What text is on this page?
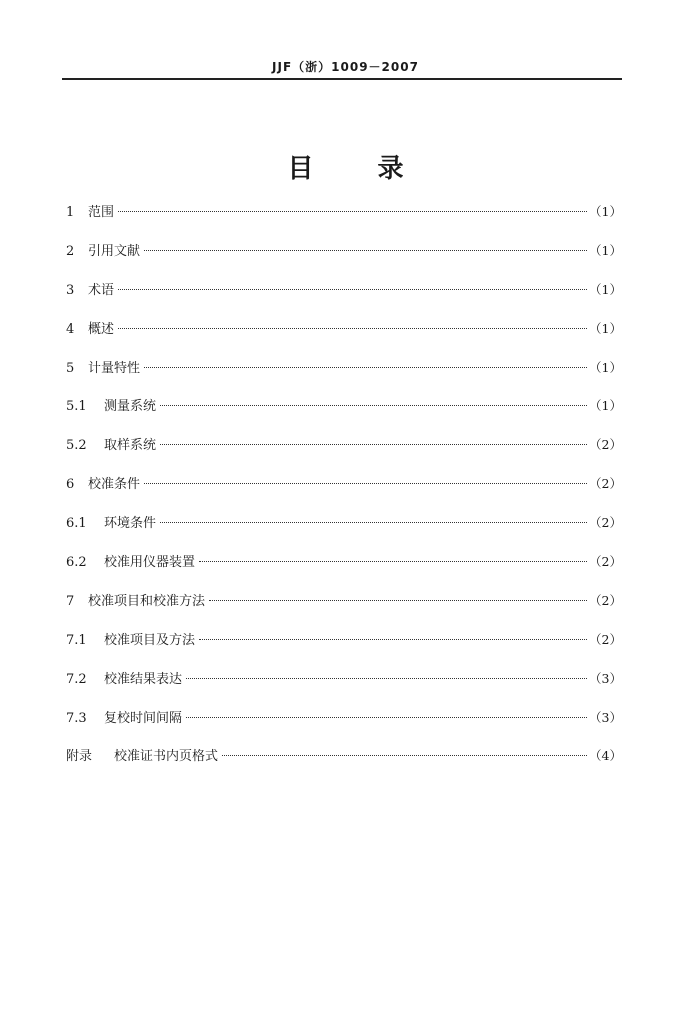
JJF（浙）1009－2007
目 录
1	范围	（1）
2	引用文献	（1）
3	术语	（1）
4	概述	（1）
5	计量特性	（1）
5.1	测量系统	（1）
5.2	取样系统	（2）
6	校准条件	（2）
6.1	环境条件	（2）
6.2	校准用仪器装置	（2）
7	校准项目和校准方法	（2）
7.1	校准项目及方法	（2）
7.2	校准结果表达	（3）
7.3	复校时间间隔	（3）
附录	校准证书内页格式	（4）
